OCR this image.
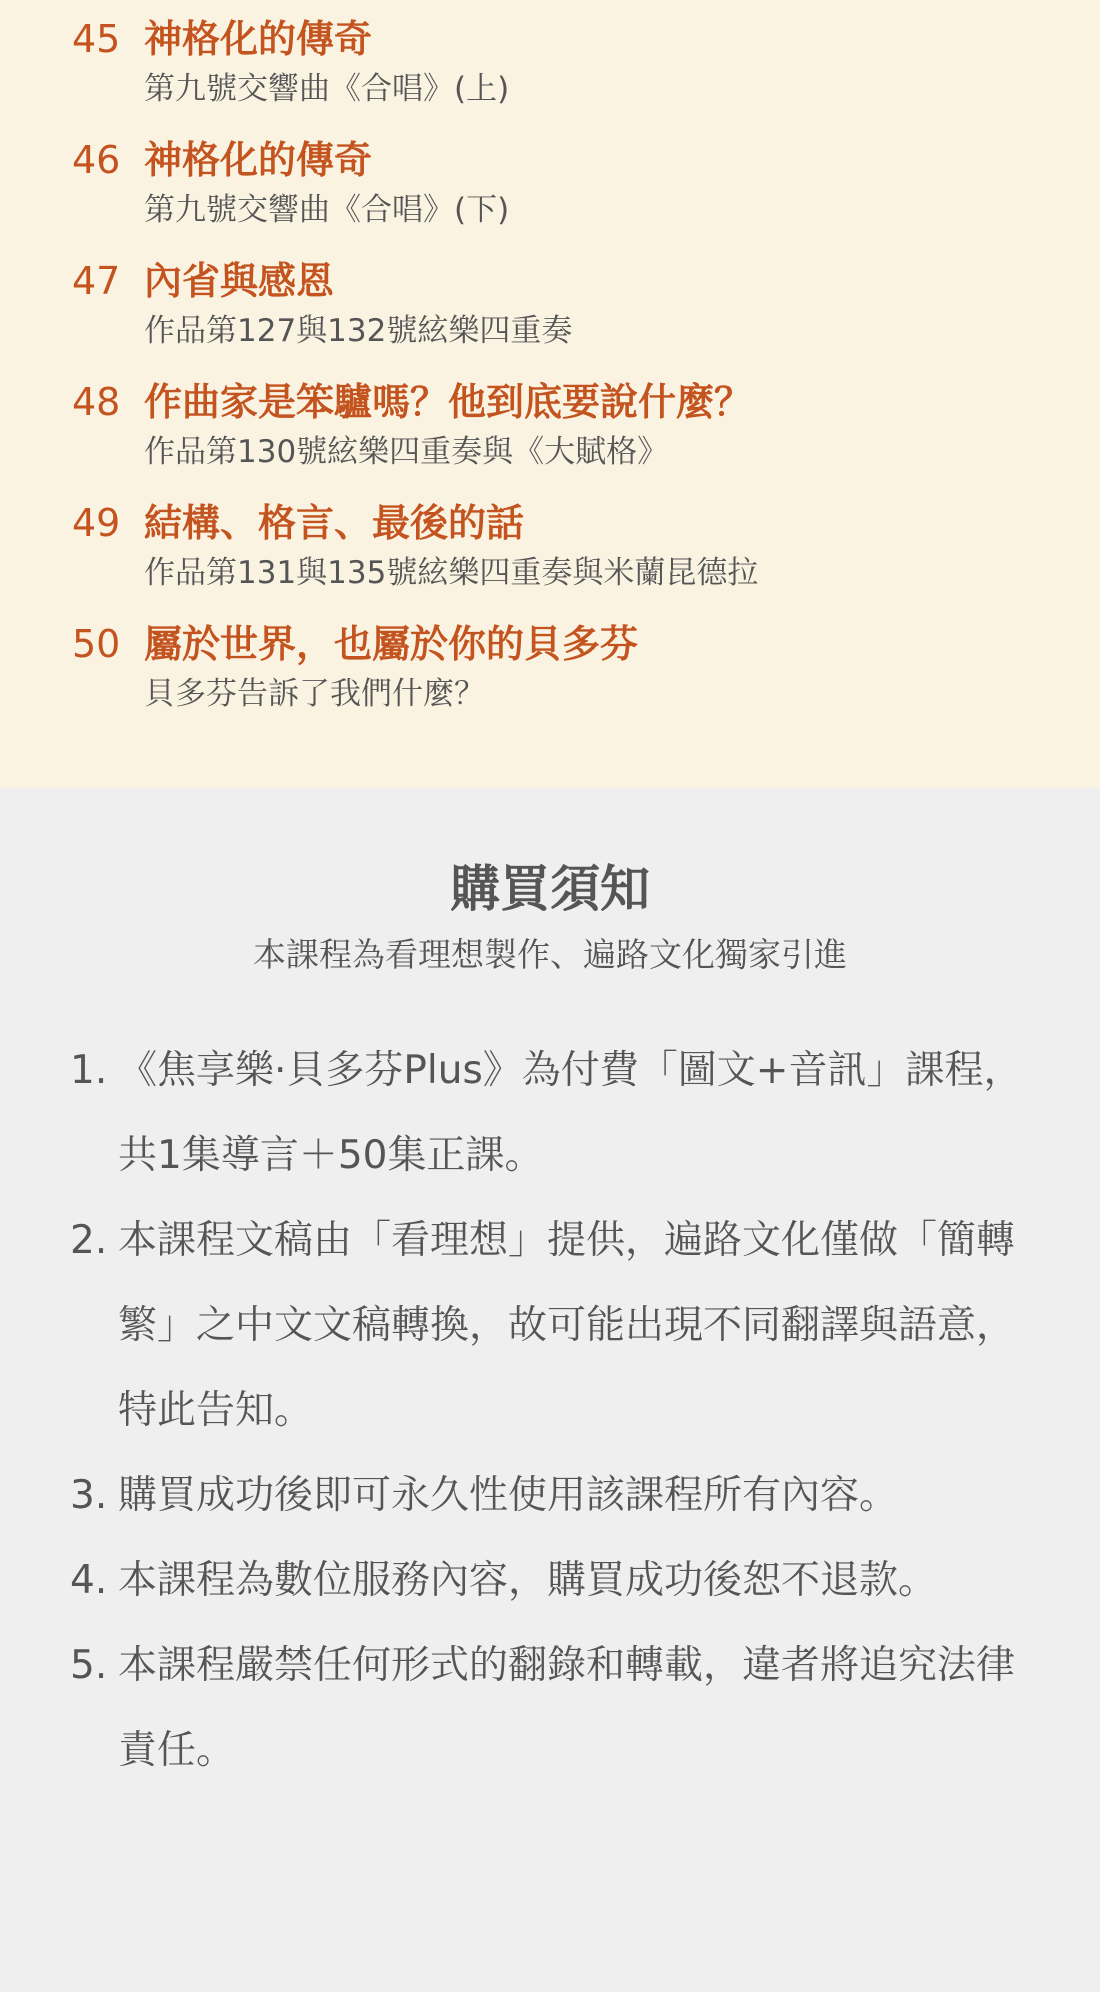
45 神格化的傳奇
第九號交響曲《合唱》(上)
46 神格化的傳奇
第九號交響曲《合唱》(下)
47 內省與感恩
作品第127與132號絃樂四重奏
48 作曲家是笨驢嗎？他到底要說什麼？
作品第130號絃樂四重奏與《大賦格》
49 結構、格言、最後的話
作品第131與135號絃樂四重奏與米蘭昆德拉
50 屬於世界，也屬於你的貝多芬
貝多芬告訴了我們什麼？
購買須知
本課程為看理想製作、遍路文化獨家引進
1. 《焦享樂·貝多芬Plus》為付費「圖文+音訊」課程，共1集導言＋50集正課。
2. 本課程文稿由「看理想」提供，遍路文化僅做「簡轉繁」之中文文稿轉換，故可能出現不同翻譯與語意，特此告知。
3. 購買成功後即可永久性使用該課程所有內容。
4. 本課程為數位服務內容，購買成功後恕不退款。
5. 本課程嚴禁任何形式的翻錄和轉載，違者將追究法律責任。
